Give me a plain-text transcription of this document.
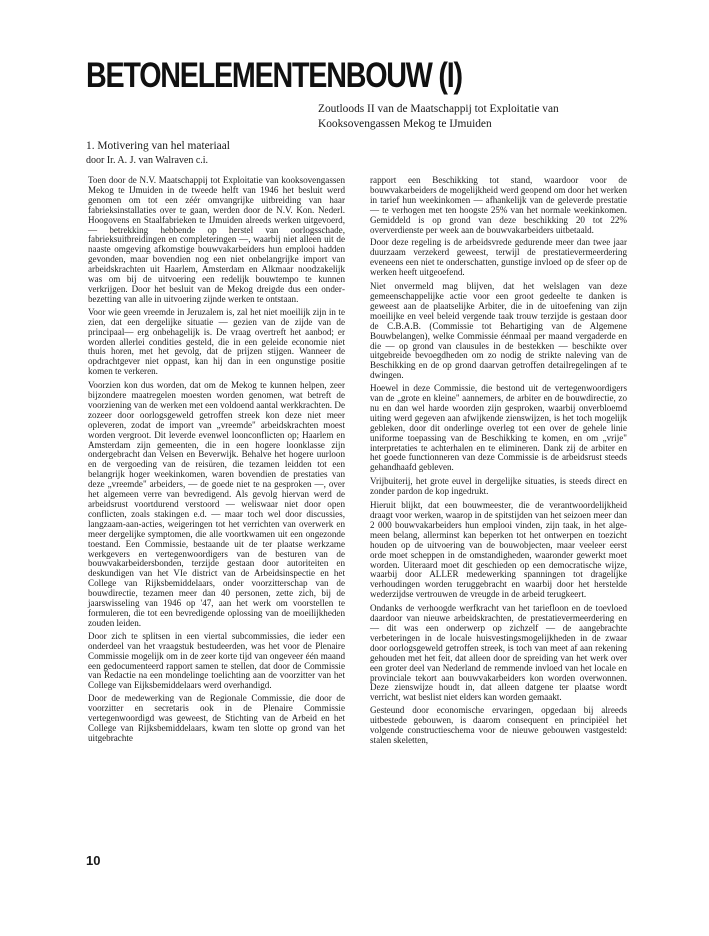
BETONELEMENTENBOUW (I)
Zoutloods II van de Maatschappij tot Exploitatie van
Kooksovengassen Mekog te IJmuiden
1. Motivering van hel materiaal
door Ir. A. J. van Walraven c.i.

Toen door de N.V. Maatschappij tot Exploitatie van kooksovengassen Mekog te IJmuiden in de tweede helft van 1946 het besluit werd genomen om tot een zéér omvangrijke uitbreiding van haar fabrieksinstallaties over te gaan, werden door de N.V. Kon. Nederl. Hoogovens en Staalfabrieken te IJmuiden alreeds werken uitgevoerd, — betrekking hebbende op herstel van oorlogsschade, fabrieksuitbreidingen en completeringen —, waarbij niet alleen uit de naaste omgeving afkomstige bouwvakarbeiders hun emplooi hadden gevonden, maar bovendien nog een niet onbelangrijke import van arbeidskrachten uit Haarlem, Amsterdam en Alkmaar noodzakelijk was om bij de uitvoering een redelijk bouwtempo te kunnen verkrijgen. Door het besluit van de Mekog dreigde dus een onderbezetting van alle in uitvoering zijnde werken te ontstaan.

Voor wie geen vreemde in Jeruzalem is, zal het niet moeilijk zijn in te zien, dat een dergelijke situatie — gezien van de zijde van de principaal— erg onbehagelijk is. De vraag overtreft het aanbod; er worden allerlei condities gesteld, die in een geleide economie niet thuis horen, met het gevolg, dat de prijzen stijgen. Wanneer de opdrachtgever niet oppast, kan hij dan in een ongunstige positie komen te verkeren.

Voorzien kon dus worden, dat om de Mekog te kunnen helpen, zeer bijzondere maatregelen moesten worden genomen, wat betreft de voorziening van de werken met een voldoend aantal werkkrachten. De zozeer door oorlogsgeweld getroffen streek kon deze niet meer opleveren, zodat de import van „vreemde" arbeidskrachten moest worden vergroot. Dit leverde evenwel loonconflicten op; Haarlem en Amsterdam zijn gemeenten, die in een hogere loonklasse zijn ondergebracht dan Velsen en Beverwijk. Behalve het hogere uurloon en de vergoeding van de reisüren, die tezamen leidden tot een belangrijk hoger weekinkomen, waren bovendien de prestaties van deze „vreemde" arbeiders, — de goede niet te na gesproken —, over het algemeen verre van bevredigend. Als gevolg hiervan werd de arbeidsrust voortdurend verstoord — weliswaar niet door open conflicten, zoals stakingen e.d. — maar toch wel door discussies, langzaam-aan-acties, weigeringen tot het verrichten van overwerk en meer dergelijke symptomen, die alle voortkwamen uit een ongezonde toestand. Een Commissie, bestaande uit de ter plaatse werkzame werkgevers en vertegenwoordigers van de besturen van de bouwvakarbeidersbonden, terzijde gestaan door autoriteiten en deskundigen van het VIe district van de Arbeidsinspectie en het College van Rijksbemiddelaars, onder voorzitterschap van de bouwdirectie, tezamen meer dan 40 personen, zette zich, bij de jaarswisseling van 1946 op '47, aan het werk om voorstellen te formuleren, die tot een bevredigende oplossing van de moeilijkheden zouden leiden.

Door zich te splitsen in een viertal subcommissies, die ieder een onderdeel van het vraagstuk bestudeerden, was het voor de Plenaire Commissie mogelijk om in de zeer korte tijd van ongeveer één maand een gedocumenteerd rapport samen te stellen, dat door de Commissie van Redactie na een mondelinge toelichting aan de voorzitter van het College van Eijksbemiddelaars werd overhandigd.

Door de medewerking van de Regionale Commissie, die door de voorzitter en secretaris ook in de Plenaire Commissie vertegenwoordigd was geweest, de Stichting van de Arbeid en het College van Rijksbemiddelaars, kwam ten slotte op grond van het uitgebrachte

rapport een Beschikking tot stand, waardoor voor de bouwvakarbeiders de mogelijkheid werd geopend om door het werken in tarief hun weekinkomen — afhankelijk van de geleverde prestatie — te verhogen met ten hoogste 25% van het normale weekinkomen. Gemiddeld is op grond van deze beschikking 20 tot 22% oververdienste per week aan de bouwvakarbeiders uitbetaald.

Door deze regeling is de arbeidsvrede gedurende meer dan twee jaar duurzaam verzekerd geweest, terwijl de prestatievermeerdering eveneens een niet te onderschatten, gunstige invloed op de sfeer op de werken heeft uitgeoefend.

Niet onvermeld mag blijven, dat het welslagen van deze gemeenschappelijke actie voor een groot gedeelte te danken is geweest aan de plaatselijke Arbiter, die in de uitoefening van zijn moeilijke en veel beleid vergende taak trouw terzijde is gestaan door de C.B.A.B. (Commissie tot Behartiging van de Algemene Bouwbelangen), welke Commissie éénmaal per maand vergaderde en die — op grond van clausules in de bestekken — beschikte over uitgebreide bevoegdheden om zo nodig de strikte naleving van de Beschikking en de op grond daarvan getroffen detailregelingen af te dwingen.

Hoewel in deze Commissie, die bestond uit de vertegenwoordigers van de „grote en kleine" aannemers, de arbiter en de bouwdirectie, zo nu en dan wel harde woorden zijn gesproken, waarbij onverbloemd uiting werd gegeven aan afwijkende zienswijzen, is het toch mogelijk gebleken, door dit onderlinge overleg tot een over de gehele linie uniforme toepassing van de Beschikking te komen, en om „vrije" interpretaties te achterhalen en te elimineren. Dank zij de arbiter en het goede functionneren van deze Commissie is de arbeidsrust steeds gehandhaafd gebleven.

Vrijbuiterij, het grote euvel in dergelijke situaties, is steeds direct en zonder pardon de kop ingedrukt.

Hieruit blijkt, dat een bouwmeester, die de verantwoordelijkheid draagt voor werken, waarop in de spitstijden van het seizoen meer dan 2 000 bouwvakarbeiders hun emplooi vinden, zijn taak, in het algemeen belang, allerminst kan beperken tot het ontwerpen en toezicht houden op de uitvoering van de bouwobjecten, maar veeleer eerst orde moet scheppen in de omstandigheden, waaronder gewerkt moet worden. Uiteraard moet dit geschieden op een democratische wijze, waarbij door ALLER medewerking spanningen tot dragelijke verhoudingen worden teruggebracht en waarbij door het herstelde wederzijdse vertrouwen de vreugde in de arbeid terugkeert.

Ondanks de verhoogde werfkracht van het tariefloon en de toevloed daardoor van nieuwe arbeidskrachten, de prestatievermeerdering en — dit was een onderwerp op zichzelf — de aangebrachte verbeteringen in de locale huisvestingsmogelijkheden in de zwaar door oorlogsgeweld getroffen streek, is toch van meet af aan rekening gehouden met het feit, dat alleen door de spreiding van het werk over een groter deel van Nederland de remmende invloed van het locale en provinciale tekort aan bouwvakarbeiders kon worden overwonnen. Deze zienswijze houdt in, dat alleen datgene ter plaatse wordt verricht, wat beslist niet elders kan worden gemaakt.

Gesteund door economische ervaringen, opgedaan bij alreeds uitbestede gebouwen, is daarom consequent en principiëel het volgende constructieschema voor de nieuwe gebouwen vastgesteld: stalen skeletten,

10
